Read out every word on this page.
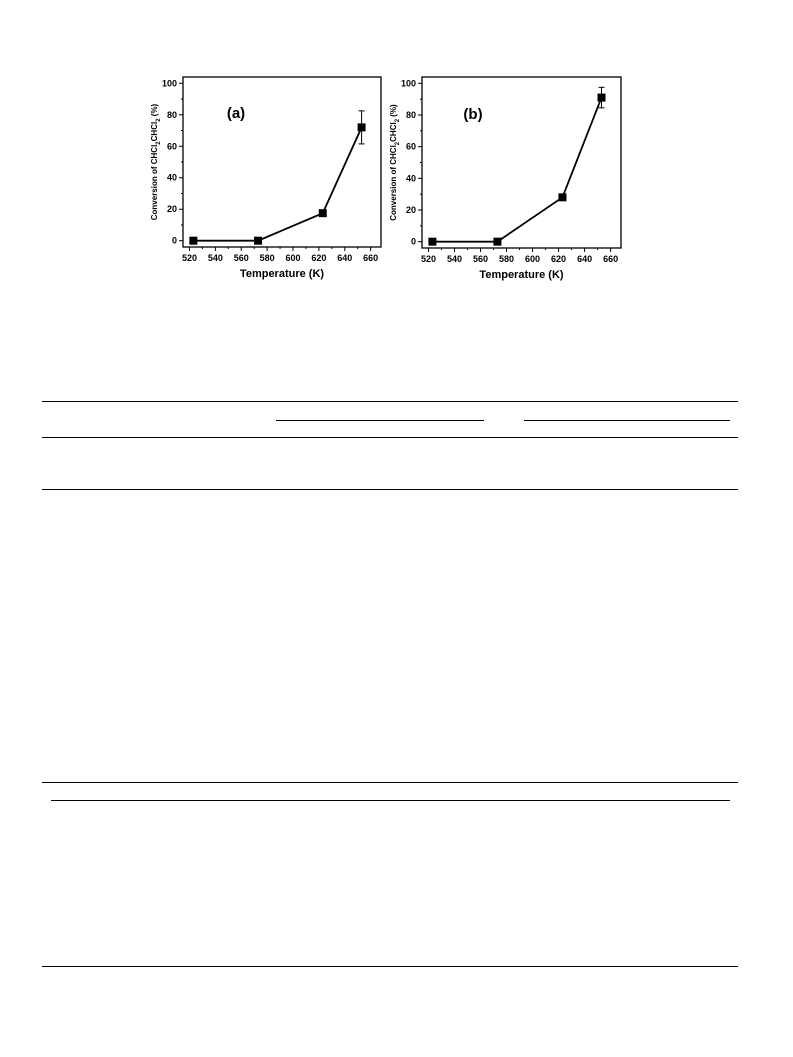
520 540 560 580 600 620 640 660
0
20
40
60
80
100
Temperature (K)
Conversion of CHCl$_2$CHCl$_2$ (%)	(a)
520 540 560 580 600 620 640 660
0
20
40
60
80
100
Temperature (K)
Conversion of CHCl$_2$CHCl$_2$ (%)	(b)
